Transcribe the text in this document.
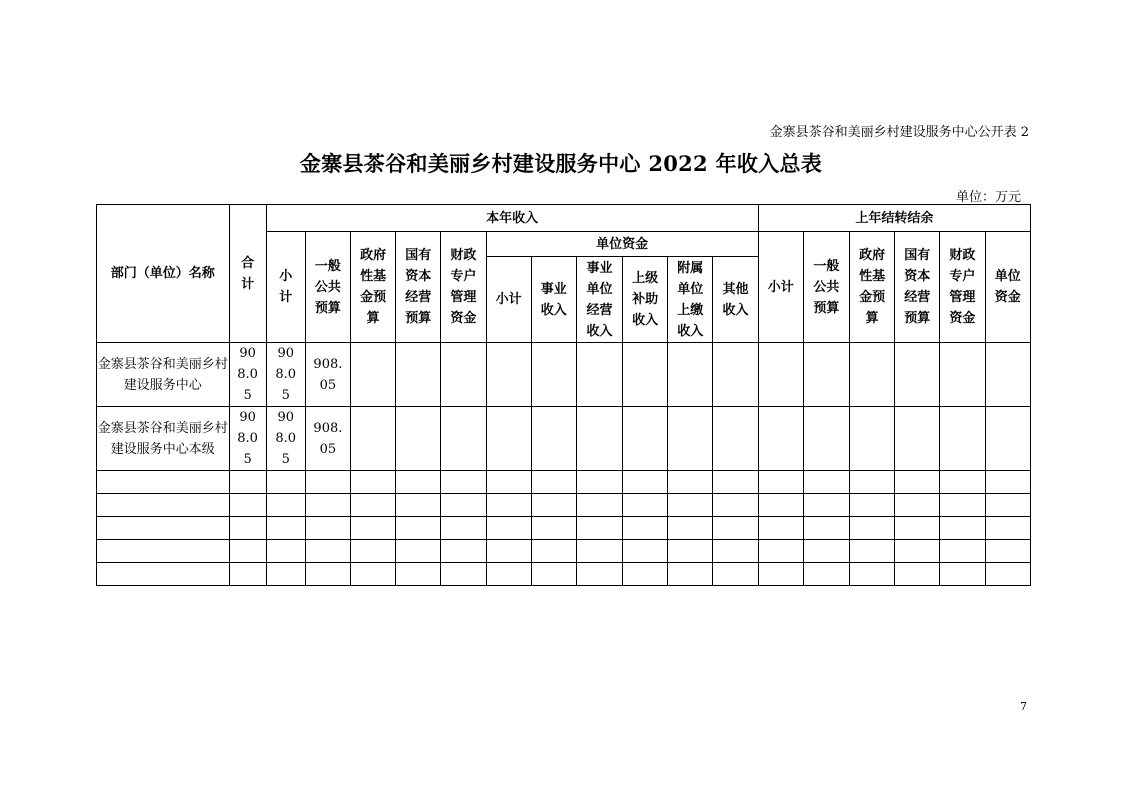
金寨县茶谷和美丽乡村建设服务中心公开表 2
金寨县茶谷和美丽乡村建设服务中心 2022 年收入总表
单位：万元
部门（单位）名称	合计	本年收入											上年结转结余					
		小计	一般公共预算	政府性基金预算	国有资本经营预算	财政专户管理资金	单位资金						小计	一般公共预算	政府性基金预算	国有资本经营预算	财政专户管理资金	单位资金
							小计	事业收入	事业单位经营收入	上级补助收入	附属单位上缴收入	其他收入						
金寨县茶谷和美丽乡村建设服务中心	908.05	908.05	908.05															
金寨县茶谷和美丽乡村建设服务中心本级	908.05	908.05	908.05															

7
